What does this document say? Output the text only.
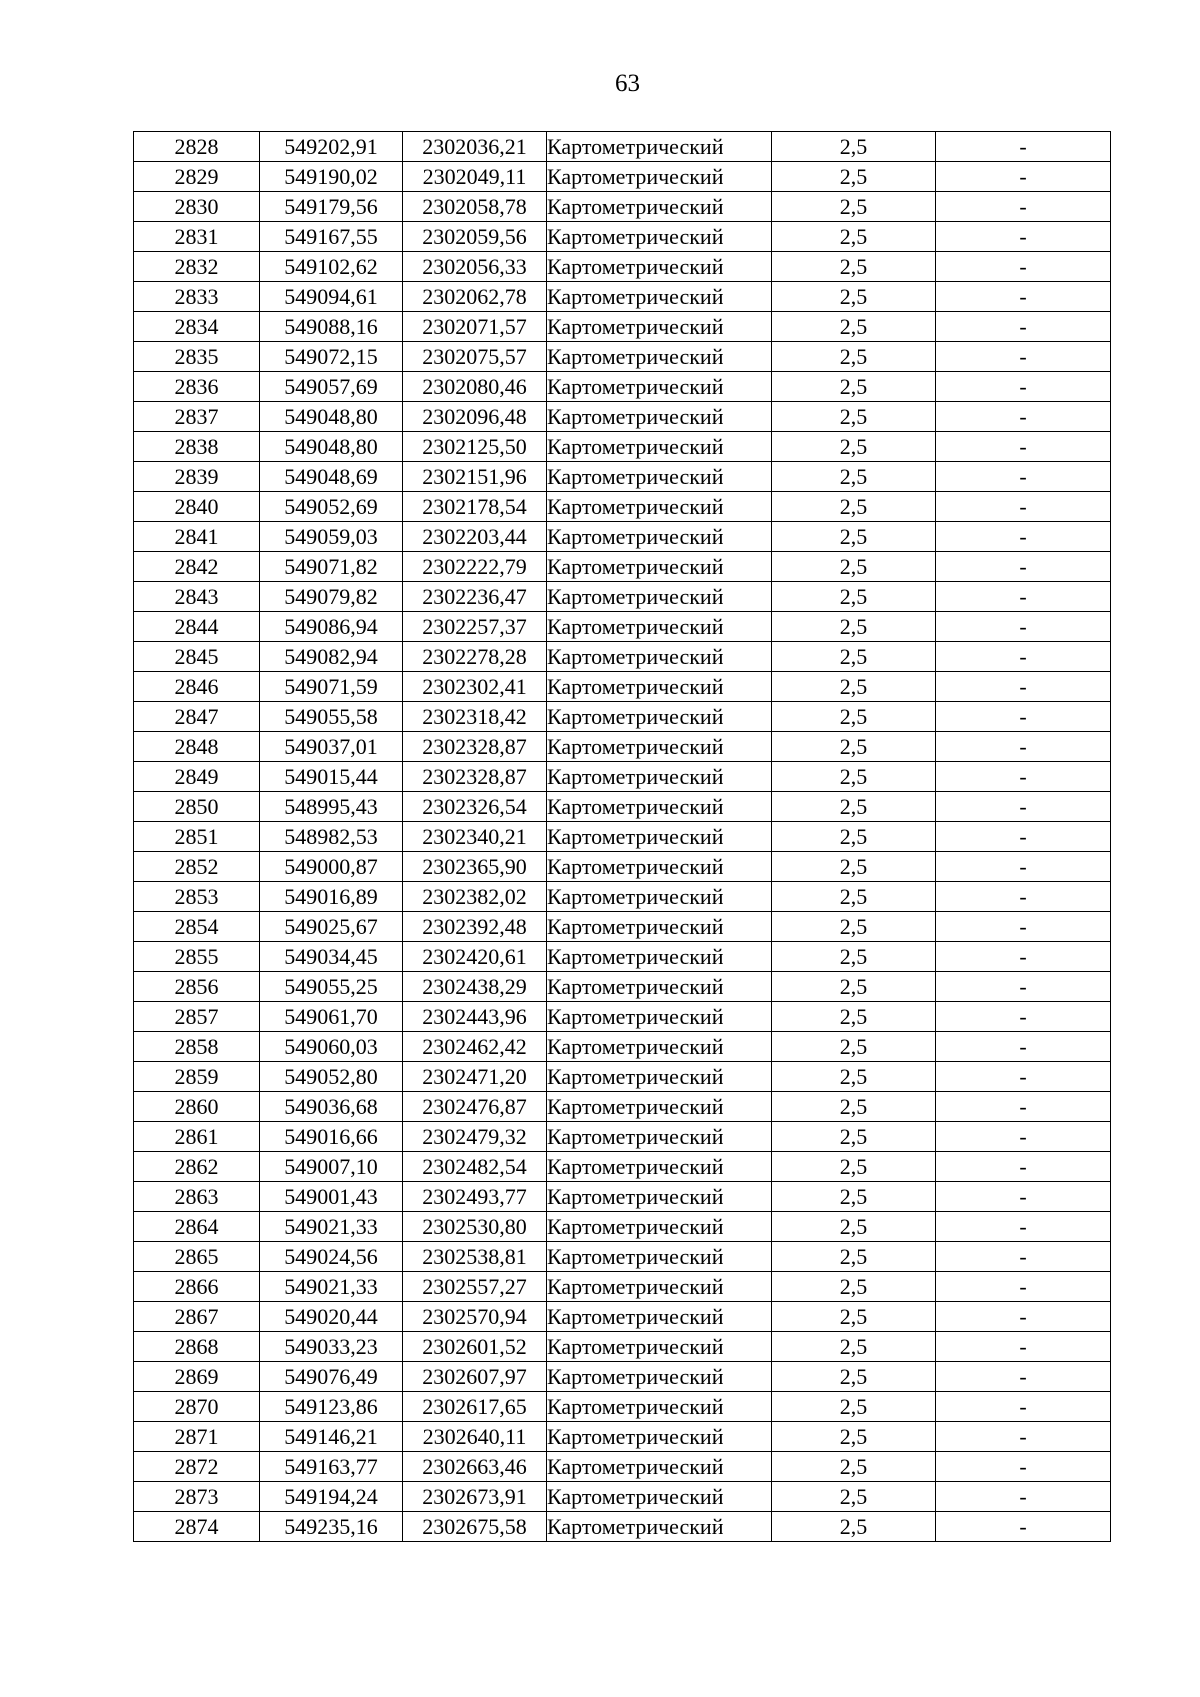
63
2828	549202,91	2302036,21	Картометрический	2,5	-
2829	549190,02	2302049,11	Картометрический	2,5	-
2830	549179,56	2302058,78	Картометрический	2,5	-
2831	549167,55	2302059,56	Картометрический	2,5	-
2832	549102,62	2302056,33	Картометрический	2,5	-
2833	549094,61	2302062,78	Картометрический	2,5	-
2834	549088,16	2302071,57	Картометрический	2,5	-
2835	549072,15	2302075,57	Картометрический	2,5	-
2836	549057,69	2302080,46	Картометрический	2,5	-
2837	549048,80	2302096,48	Картометрический	2,5	-
2838	549048,80	2302125,50	Картометрический	2,5	-
2839	549048,69	2302151,96	Картометрический	2,5	-
2840	549052,69	2302178,54	Картометрический	2,5	-
2841	549059,03	2302203,44	Картометрический	2,5	-
2842	549071,82	2302222,79	Картометрический	2,5	-
2843	549079,82	2302236,47	Картометрический	2,5	-
2844	549086,94	2302257,37	Картометрический	2,5	-
2845	549082,94	2302278,28	Картометрический	2,5	-
2846	549071,59	2302302,41	Картометрический	2,5	-
2847	549055,58	2302318,42	Картометрический	2,5	-
2848	549037,01	2302328,87	Картометрический	2,5	-
2849	549015,44	2302328,87	Картометрический	2,5	-
2850	548995,43	2302326,54	Картометрический	2,5	-
2851	548982,53	2302340,21	Картометрический	2,5	-
2852	549000,87	2302365,90	Картометрический	2,5	-
2853	549016,89	2302382,02	Картометрический	2,5	-
2854	549025,67	2302392,48	Картометрический	2,5	-
2855	549034,45	2302420,61	Картометрический	2,5	-
2856	549055,25	2302438,29	Картометрический	2,5	-
2857	549061,70	2302443,96	Картометрический	2,5	-
2858	549060,03	2302462,42	Картометрический	2,5	-
2859	549052,80	2302471,20	Картометрический	2,5	-
2860	549036,68	2302476,87	Картометрический	2,5	-
2861	549016,66	2302479,32	Картометрический	2,5	-
2862	549007,10	2302482,54	Картометрический	2,5	-
2863	549001,43	2302493,77	Картометрический	2,5	-
2864	549021,33	2302530,80	Картометрический	2,5	-
2865	549024,56	2302538,81	Картометрический	2,5	-
2866	549021,33	2302557,27	Картометрический	2,5	-
2867	549020,44	2302570,94	Картометрический	2,5	-
2868	549033,23	2302601,52	Картометрический	2,5	-
2869	549076,49	2302607,97	Картометрический	2,5	-
2870	549123,86	2302617,65	Картометрический	2,5	-
2871	549146,21	2302640,11	Картометрический	2,5	-
2872	549163,77	2302663,46	Картометрический	2,5	-
2873	549194,24	2302673,91	Картометрический	2,5	-
2874	549235,16	2302675,58	Картометрический	2,5	-
